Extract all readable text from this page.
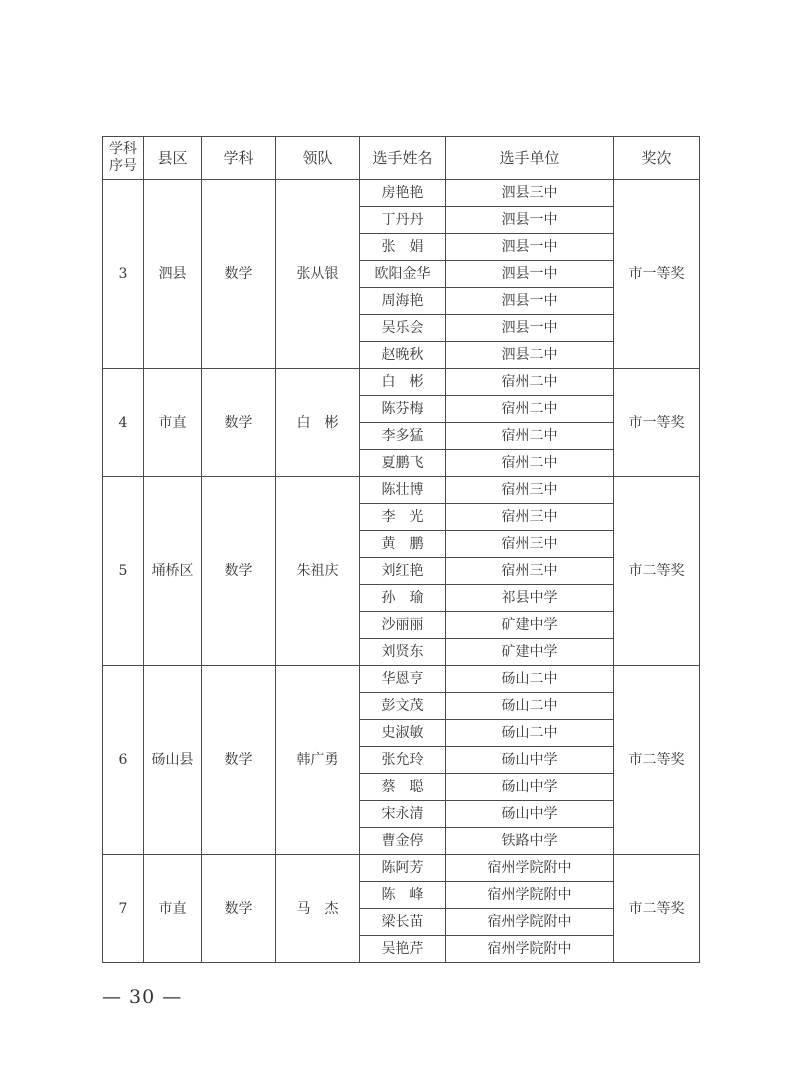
学科序号	县区	学科	领队	选手姓名	选手单位	奖次
3	泗县	数学	张从银	房艳艳	泗县三中	市一等奖
				丁丹丹	泗县一中	
				张　娟	泗县一中	
				欧阳金华	泗县一中	
				周海艳	泗县一中	
				吴乐会	泗县一中	
				赵晚秋	泗县二中	
4	市直	数学	白　彬	白　彬	宿州二中	市一等奖
				陈芬梅	宿州二中	
				李多猛	宿州二中	
				夏鹏飞	宿州二中	
5	埇桥区	数学	朱祖庆	陈壮博	宿州三中	市二等奖
				李　光	宿州三中	
				黄　鹏	宿州三中	
				刘红艳	宿州三中	
				孙　瑜	祁县中学	
				沙丽丽	矿建中学	
				刘贤东	矿建中学	
6	砀山县	数学	韩广勇	华恩亨	砀山二中	市二等奖
				彭文茂	砀山二中	
				史淑敏	砀山二中	
				张允玲	砀山中学	
				蔡　聪	砀山中学	
				宋永清	砀山中学	
				曹金停	铁路中学	
7	市直	数学	马　杰	陈阿芳	宿州学院附中	市二等奖
				陈　峰	宿州学院附中	
				梁长苗	宿州学院附中	
				吴艳芹	宿州学院附中	
— 30 —
